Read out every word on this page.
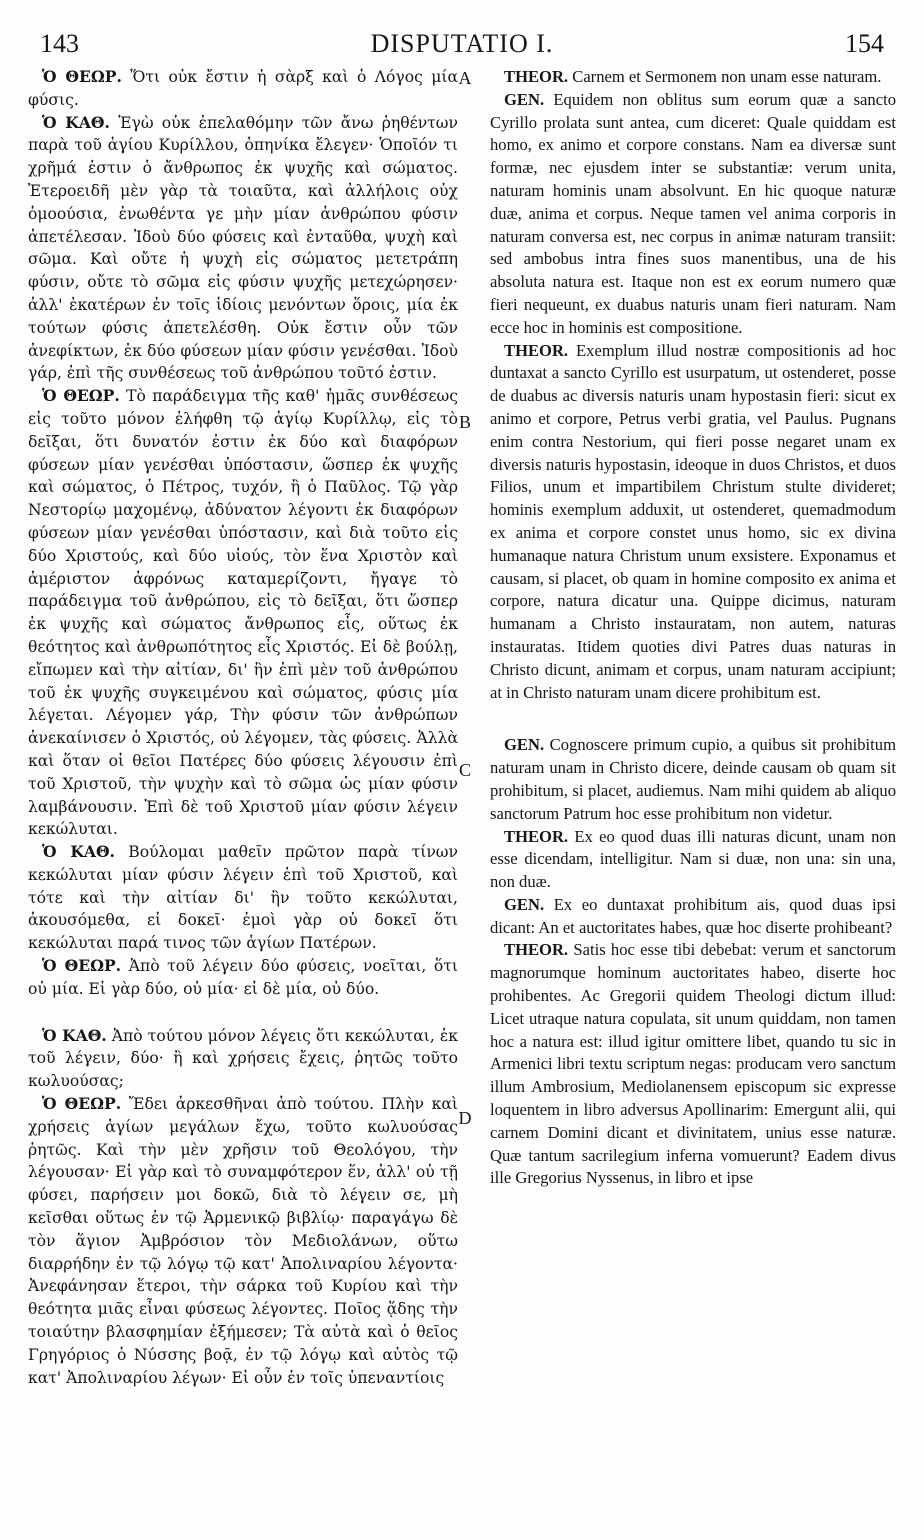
143	DISPUTATIO I.	154
A
B
C
D

Ὁ ΘΕΩΡ. Ὅτι οὐκ ἔστιν ἡ σὰρξ καὶ ὁ Λόγος μία φύσις.

Ὁ ΚΑΘ. Ἐγὼ οὐκ ἐπελαθόμην τῶν ἄνω ῥηθέντων παρὰ τοῦ ἁγίου Κυρίλλου, ὁπηνίκα ἔλεγεν· Ὁποῖόν τι χρῆμά ἐστιν ὁ ἄνθρωπος ἐκ ψυχῆς καὶ σώματος. Ἑτεροειδῆ μὲν γὰρ τὰ τοιαῦτα, καὶ ἀλλήλοις οὐχ ὁμοούσια, ἑνωθέντα γε μὴν μίαν ἀνθρώπου φύσιν ἀπετέλεσαν. Ἰδοὺ δύο φύσεις καὶ ἐνταῦθα, ψυχὴ καὶ σῶμα. Καὶ οὔτε ἡ ψυχὴ εἰς σώματος μετετράπη φύσιν, οὔτε τὸ σῶμα εἰς φύσιν ψυχῆς μετεχώρησεν· ἀλλ' ἑκατέρων ἐν τοῖς ἰδίοις μενόντων ὅροις, μία ἐκ τούτων φύσις ἀπετελέσθη. Οὐκ ἔστιν οὖν τῶν ἀνεφίκτων, ἐκ δύο φύσεων μίαν φύσιν γενέσθαι. Ἰδοὺ γάρ, ἐπὶ τῆς συνθέσεως τοῦ ἀνθρώπου τοῦτό ἐστιν.

Ὁ ΘΕΩΡ. Τὸ παράδειγμα τῆς καθ' ἡμᾶς συνθέσεως εἰς τοῦτο μόνον ἐλήφθη τῷ ἁγίῳ Κυρίλλῳ, εἰς τὸ δεῖξαι, ὅτι δυνατόν ἐστιν ἐκ δύο καὶ διαφόρων φύσεων μίαν γενέσθαι ὑπόστασιν, ὥσπερ ἐκ ψυχῆς καὶ σώματος, ὁ Πέτρος, τυχόν, ἢ ὁ Παῦλος. Τῷ γὰρ Νεστορίῳ μαχομένῳ, ἀδύνατον λέγοντι ἐκ διαφόρων φύσεων μίαν γενέσθαι ὑπόστασιν, καὶ διὰ τοῦτο εἰς δύο Χριστούς, καὶ δύο υἱούς, τὸν ἕνα Χριστὸν καὶ ἀμέριστον ἀφρόνως καταμερίζοντι, ἤγαγε τὸ παράδειγμα τοῦ ἀνθρώπου, εἰς τὸ δεῖξαι, ὅτι ὥσπερ ἐκ ψυχῆς καὶ σώματος ἄνθρωπος εἷς, οὕτως ἐκ θεότητος καὶ ἀνθρωπότητος εἷς Χριστός. Εἰ δὲ βούλῃ, εἴπωμεν καὶ τὴν αἰτίαν, δι' ἣν ἐπὶ μὲν τοῦ ἀνθρώπου τοῦ ἐκ ψυχῆς συγκειμένου καὶ σώματος, φύσις μία λέγεται. Λέγομεν γάρ, Τὴν φύσιν τῶν ἀνθρώπων ἀνεκαίνισεν ὁ Χριστός, οὐ λέγομεν, τὰς φύσεις. Ἀλλὰ καὶ ὅταν οἱ θεῖοι Πατέρες δύο φύσεις λέγουσιν ἐπὶ τοῦ Χριστοῦ, τὴν ψυχὴν καὶ τὸ σῶμα ὡς μίαν φύσιν λαμβάνουσιν. Ἐπὶ δὲ τοῦ Χριστοῦ μίαν φύσιν λέγειν κεκώλυται.

Ὁ ΚΑΘ. Βούλομαι μαθεῖν πρῶτον παρὰ τίνων κεκώλυται μίαν φύσιν λέγειν ἐπὶ τοῦ Χριστοῦ, καὶ τότε καὶ τὴν αἰτίαν δι' ἣν τοῦτο κεκώλυται, ἀκουσόμεθα, εἰ δοκεῖ· ἐμοὶ γὰρ οὐ δοκεῖ ὅτι κεκώλυται παρά τινος τῶν ἁγίων Πατέρων.

Ὁ ΘΕΩΡ. Ἀπὸ τοῦ λέγειν δύο φύσεις, νοεῖται, ὅτι οὐ μία. Εἰ γὰρ δύο, οὐ μία· εἰ δὲ μία, οὐ δύο.

Ὁ ΚΑΘ. Ἀπὸ τούτου μόνον λέγεις ὅτι κεκώλυται, ἐκ τοῦ λέγειν, δύο· ἢ καὶ χρήσεις ἔχεις, ῥητῶς τοῦτο κωλυούσας;

Ὁ ΘΕΩΡ. Ἔδει ἀρκεσθῆναι ἀπὸ τούτου. Πλὴν καὶ χρήσεις ἁγίων μεγάλων ἔχω, τοῦτο κωλυούσας ῥητῶς. Καὶ τὴν μὲν χρῆσιν τοῦ Θεολόγου, τὴν λέγουσαν· Εἰ γὰρ καὶ τὸ συναμφότερον ἕν, ἀλλ' οὐ τῇ φύσει, παρήσειν μοι δοκῶ, διὰ τὸ λέγειν σε, μὴ κεῖσθαι οὕτως ἐν τῷ Ἀρμενικῷ βιβλίῳ· παραγάγω δὲ τὸν ἅγιον Ἀμβρόσιον τὸν Μεδιολάνων, οὕτω διαρρήδην ἐν τῷ λόγῳ τῷ κατ' Ἀπολιναρίου λέγοντα· Ἀνεφάνησαν ἕτεροι, τὴν σάρκα τοῦ Κυρίου καὶ τὴν θεότητα μιᾶς εἶναι φύσεως λέγοντες. Ποῖος ᾅδης τὴν τοιαύτην βλασφημίαν ἐξήμεσεν; Τὰ αὐτὰ καὶ ὁ θεῖος Γρηγόριος ὁ Νύσσης βοᾷ, ἐν τῷ λόγῳ καὶ αὐτὸς τῷ κατ' Ἀπολιναρίου λέγων· Εἰ οὖν ἐν τοῖς ὑπεναντίοις

THEOR. Carnem et Sermonem non unam esse naturam.

GEN. Equidem non oblitus sum eorum quæ a sancto Cyrillo prolata sunt antea, cum diceret: Quale quiddam est homo, ex animo et corpore constans. Nam ea diversæ sunt formæ, nec ejusdem inter se substantiæ: verum unita, naturam hominis unam absolvunt. En hic quoque naturæ duæ, anima et corpus. Neque tamen vel anima corporis in naturam conversa est, nec corpus in animæ naturam transiit: sed ambobus intra fines suos manentibus, una de his absoluta natura est. Itaque non est ex eorum numero quæ fieri nequeunt, ex duabus naturis unam fieri naturam. Nam ecce hoc in hominis est compositione.

THEOR. Exemplum illud nostræ compositionis ad hoc duntaxat a sancto Cyrillo est usurpatum, ut ostenderet, posse de duabus ac diversis naturis unam hypostasin fieri: sicut ex animo et corpore, Petrus verbi gratia, vel Paulus. Pugnans enim contra Nestorium, qui fieri posse negaret unam ex diversis naturis hypostasin, ideoque in duos Christos, et duos Filios, unum et impartibilem Christum stulte divideret; hominis exemplum adduxit, ut ostenderet, quemadmodum ex anima et corpore constet unus homo, sic ex divina humanaque natura Christum unum exsistere. Exponamus et causam, si placet, ob quam in homine composito ex anima et corpore, natura dicatur una. Quippe dicimus, naturam humanam a Christo instauratam, non autem, naturas instauratas. Itidem quoties divi Patres duas naturas in Christo dicunt, animam et corpus, unam naturam accipiunt; at in Christo naturam unam dicere prohibitum est.

GEN. Cognoscere primum cupio, a quibus sit prohibitum naturam unam in Christo dicere, deinde causam ob quam sit prohibitum, si placet, audiemus. Nam mihi quidem ab aliquo sanctorum Patrum hoc esse prohibitum non videtur.

THEOR. Ex eo quod duas illi naturas dicunt, unam non esse dicendam, intelligitur. Nam si duæ, non una: sin una, non duæ.

GEN. Ex eo duntaxat prohibitum ais, quod duas ipsi dicant: An et auctoritates habes, quæ hoc diserte prohibeant?

THEOR. Satis hoc esse tibi debebat: verum et sanctorum magnorumque hominum auctoritates habeo, diserte hoc prohibentes. Ac Gregorii quidem Theologi dictum illud: Licet utraque natura copulata, sit unum quiddam, non tamen hoc a natura est: illud igitur omittere libet, quando tu sic in Armenici libri textu scriptum negas: producam vero sanctum illum Ambrosium, Mediolanensem episcopum sic expresse loquentem in libro adversus Apollinarim: Emergunt alii, qui carnem Domini dicant et divinitatem, unius esse naturæ. Quæ tantum sacrilegium inferna vomuerunt? Eadem divus ille Gregorius Nyssenus, in libro et ipse
